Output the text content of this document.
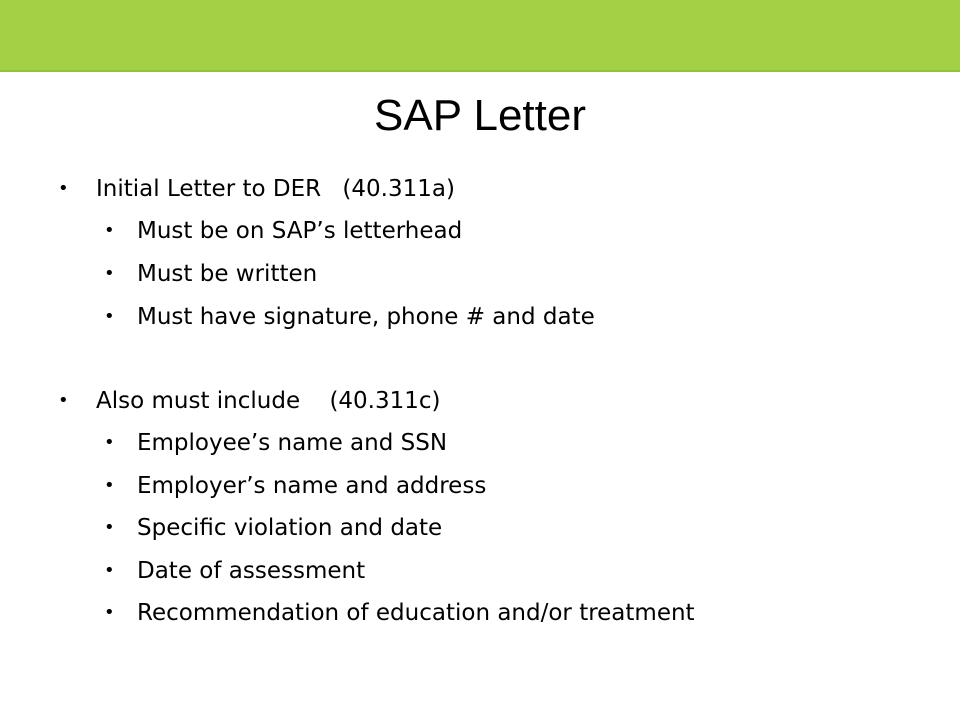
SAP Letter
• Initial Letter to DER (40.311a)
• Must be on SAP’s letterhead
• Must be written
• Must have signature, phone # and date
• Also must include (40.311c)
• Employee’s name and SSN
• Employer’s name and address
• Specific violation and date
• Date of assessment
• Recommendation of education and/or treatment
